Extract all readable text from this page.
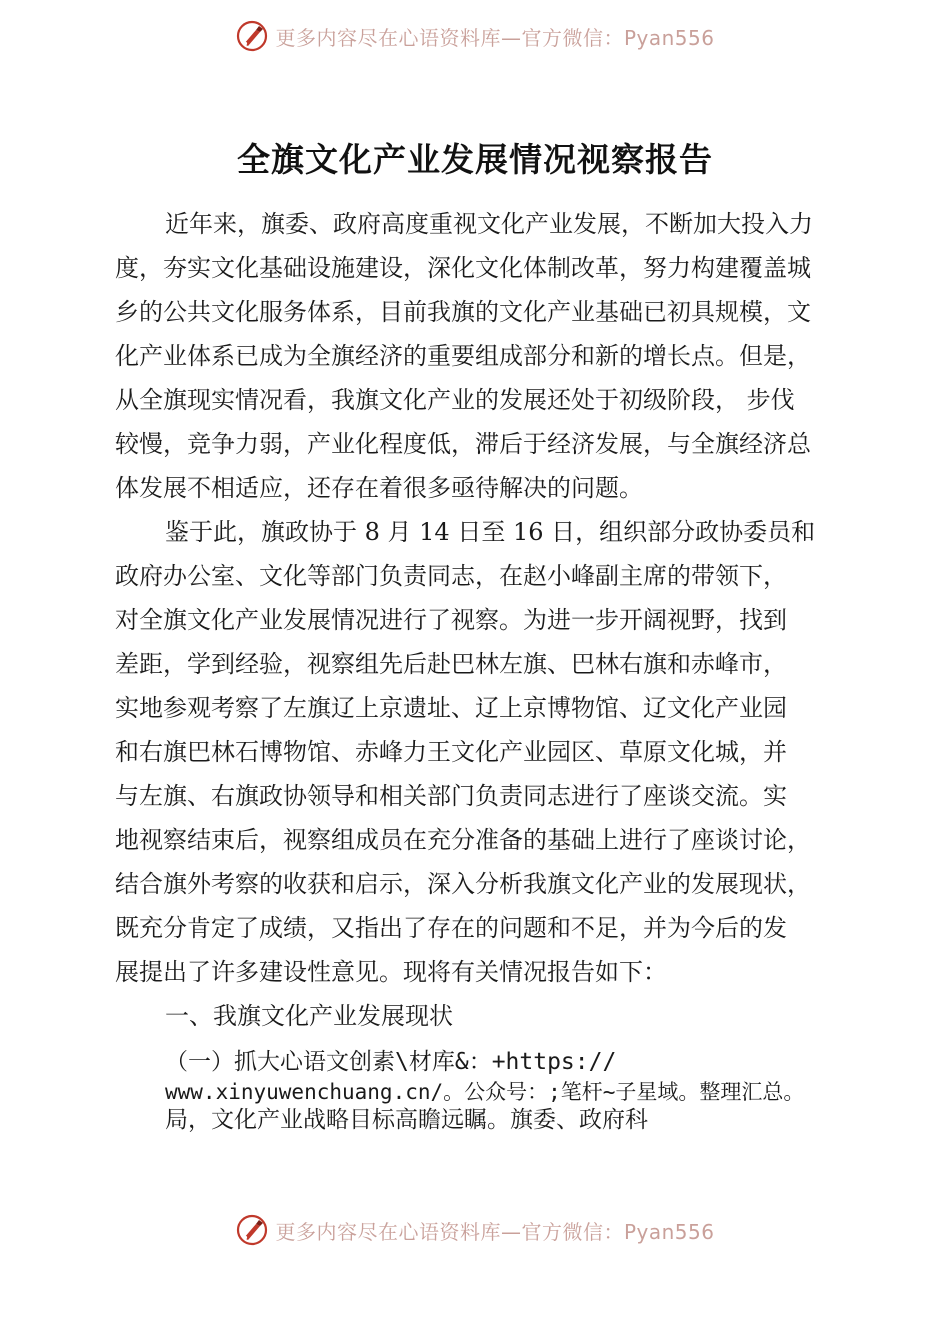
更多内容尽在心语资料库—官方微信：Pyan556
全旗文化产业发展情况视察报告
近年来，旗委、政府高度重视文化产业发展，不断加大投入力
度，夯实文化基础设施建设，深化文化体制改革，努力构建覆盖城
乡的公共文化服务体系，目前我旗的文化产业基础已初具规模，文
化产业体系已成为全旗经济的重要组成部分和新的增长点。但是，
从全旗现实情况看，我旗文化产业的发展还处于初级阶段， 步伐
较慢，竞争力弱，产业化程度低，滞后于经济发展，与全旗经济总
体发展不相适应，还存在着很多亟待解决的问题。
鉴于此，旗政协于 8 月 14 日至 16 日，组织部分政协委员和
政府办公室、文化等部门负责同志，在赵小峰副主席的带领下，
对全旗文化产业发展情况进行了视察。为进一步开阔视野，找到
差距，学到经验，视察组先后赴巴林左旗、巴林右旗和赤峰市，
实地参观考察了左旗辽上京遗址、辽上京博物馆、辽文化产业园
和右旗巴林石博物馆、赤峰力王文化产业园区、草原文化城，并
与左旗、右旗政协领导和相关部门负责同志进行了座谈交流。实
地视察结束后，视察组成员在充分准备的基础上进行了座谈讨论，
结合旗外考察的收获和启示，深入分析我旗文化产业的发展现状，
既充分肯定了成绩，又指出了存在的问题和不足，并为今后的发
展提出了许多建设性意见。现将有关情况报告如下：
一、我旗文化产业发展现状
（一）抓大心语文创素\材库&：+https://
www.xinyuwenchuang.cn/。公众号：;笔杆~子星域。整理汇总。
局，文化产业战略目标高瞻远瞩。旗委、政府科
更多内容尽在心语资料库—官方微信：Pyan556
